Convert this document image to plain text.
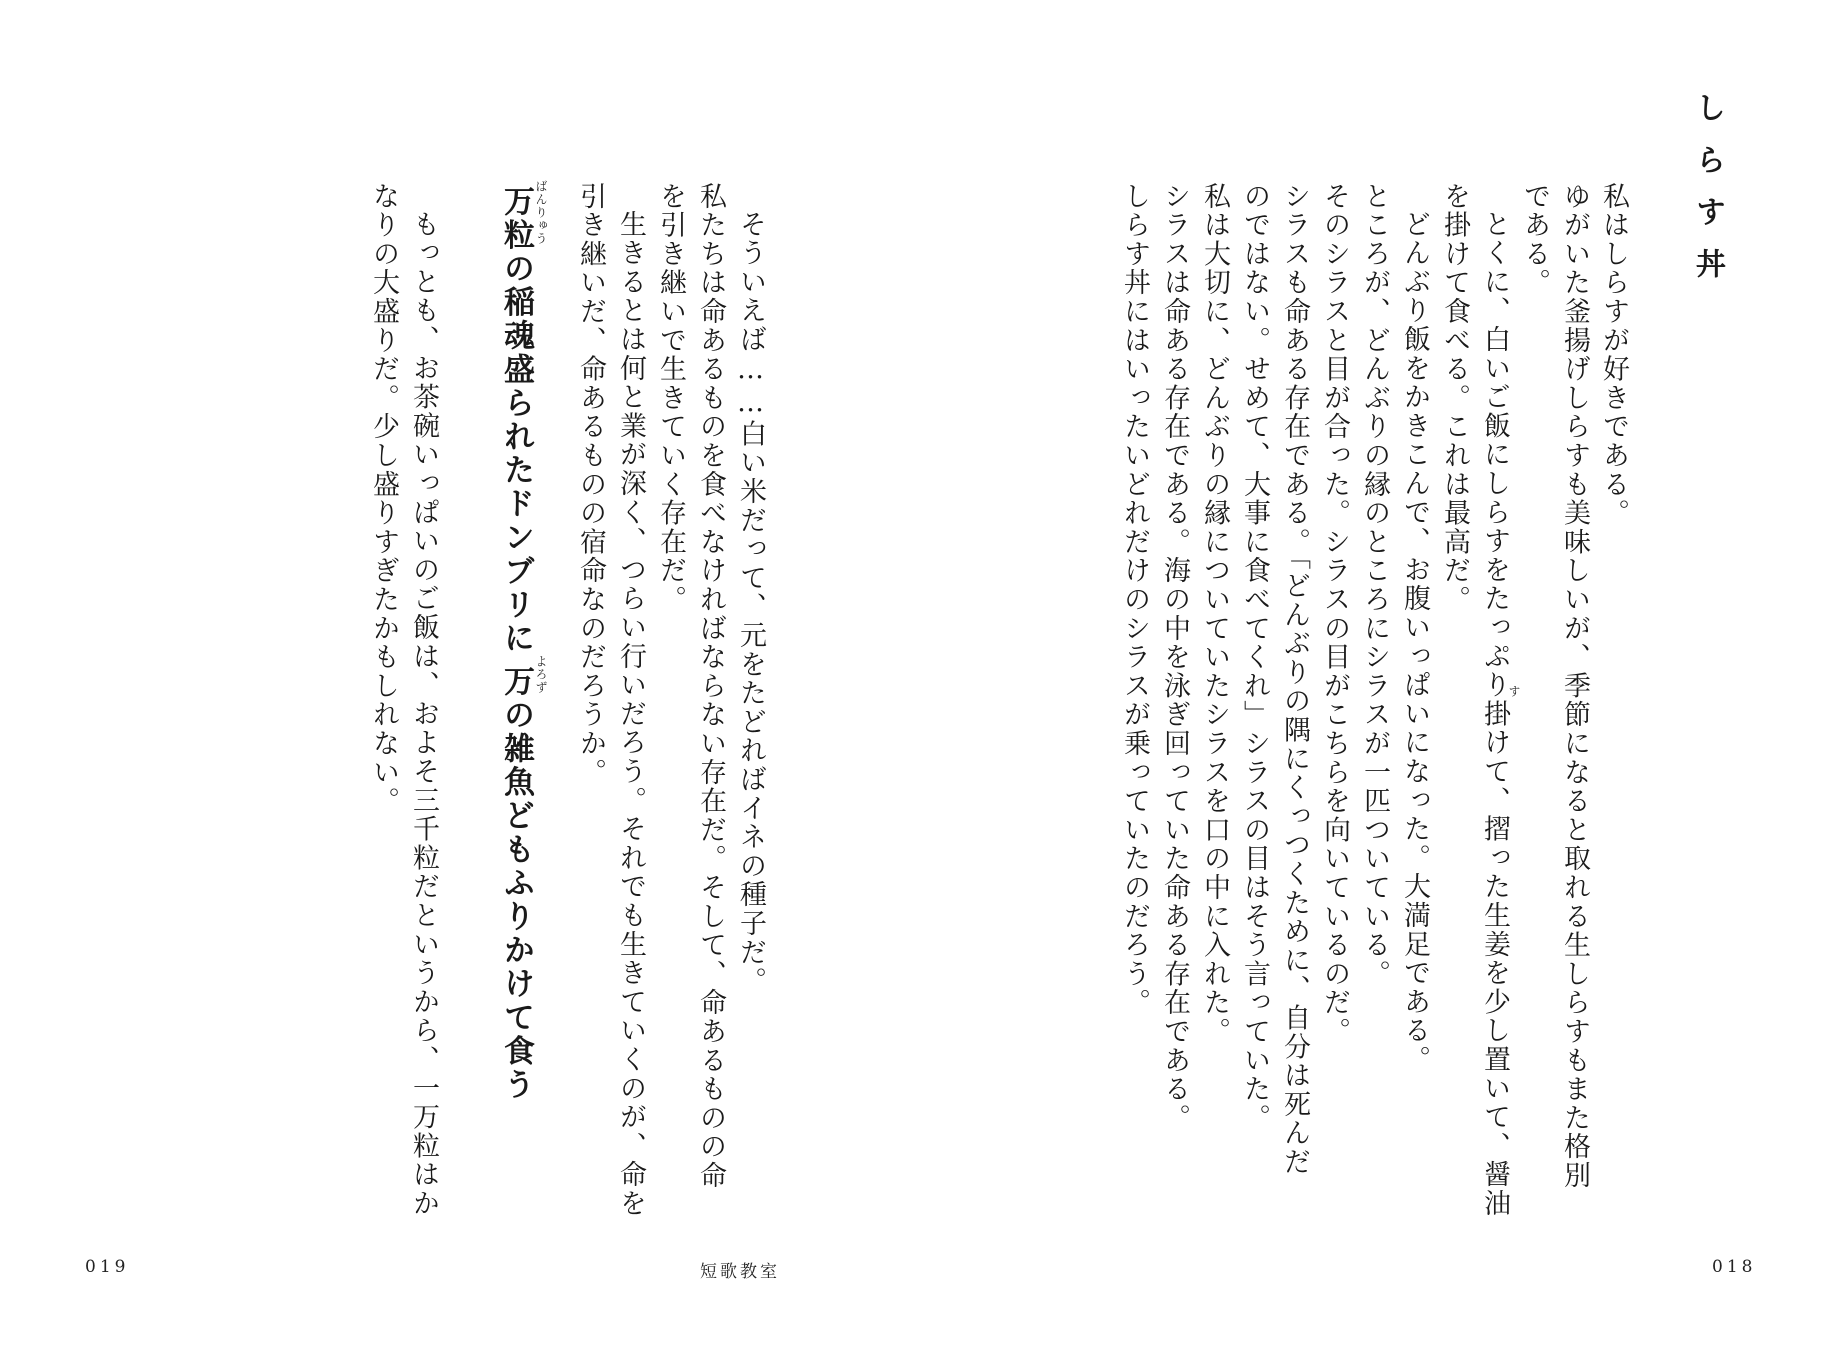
しらす丼
私はしらすが好きである。
ゆがいた釜揚げしらすも美味しいが、季節になると取れる生しらすもまた格別
である。
とくに、白いご飯にしらすをたっぷり掛けて、摺った生姜を少し置いて、醤油
す
を掛けて食べる。これは最高だ。
どんぶり飯をかきこんで、お腹いっぱいになった。大満足である。
ところが、どんぶりの縁のところにシラスが一匹ついている。
そのシラスと目が合った。シラスの目がこちらを向いているのだ。
シラスも命ある存在である。「どんぶりの隅にくっつくために、自分は死んだ
のではない。せめて、大事に食べてくれ」シラスの目はそう言っていた。
私は大切に、どんぶりの縁についていたシラスを口の中に入れた。
シラスは命ある存在である。海の中を泳ぎ回っていた命ある存在である。
しらす丼にはいったいどれだけのシラスが乗っていたのだろう。
018
そういえば……白い米だって、元をたどればイネの種子だ。
私たちは命あるものを食べなければならない存在だ。そして、命あるものの命
を引き継いで生きていく存在だ。
生きるとは何と業が深く、つらい行いだろう。それでも生きていくのが、命を
引き継いだ、命あるものの宿命なのだろうか。
ばんりゅう
万粒の稲魂盛られたドンブリに
よろず
万の雑魚どもふりかけて食う
もっとも、お茶碗いっぱいのご飯は、およそ三千粒だというから、一万粒はか
なりの大盛りだ。少し盛りすぎたかもしれない。
019	短歌教室
